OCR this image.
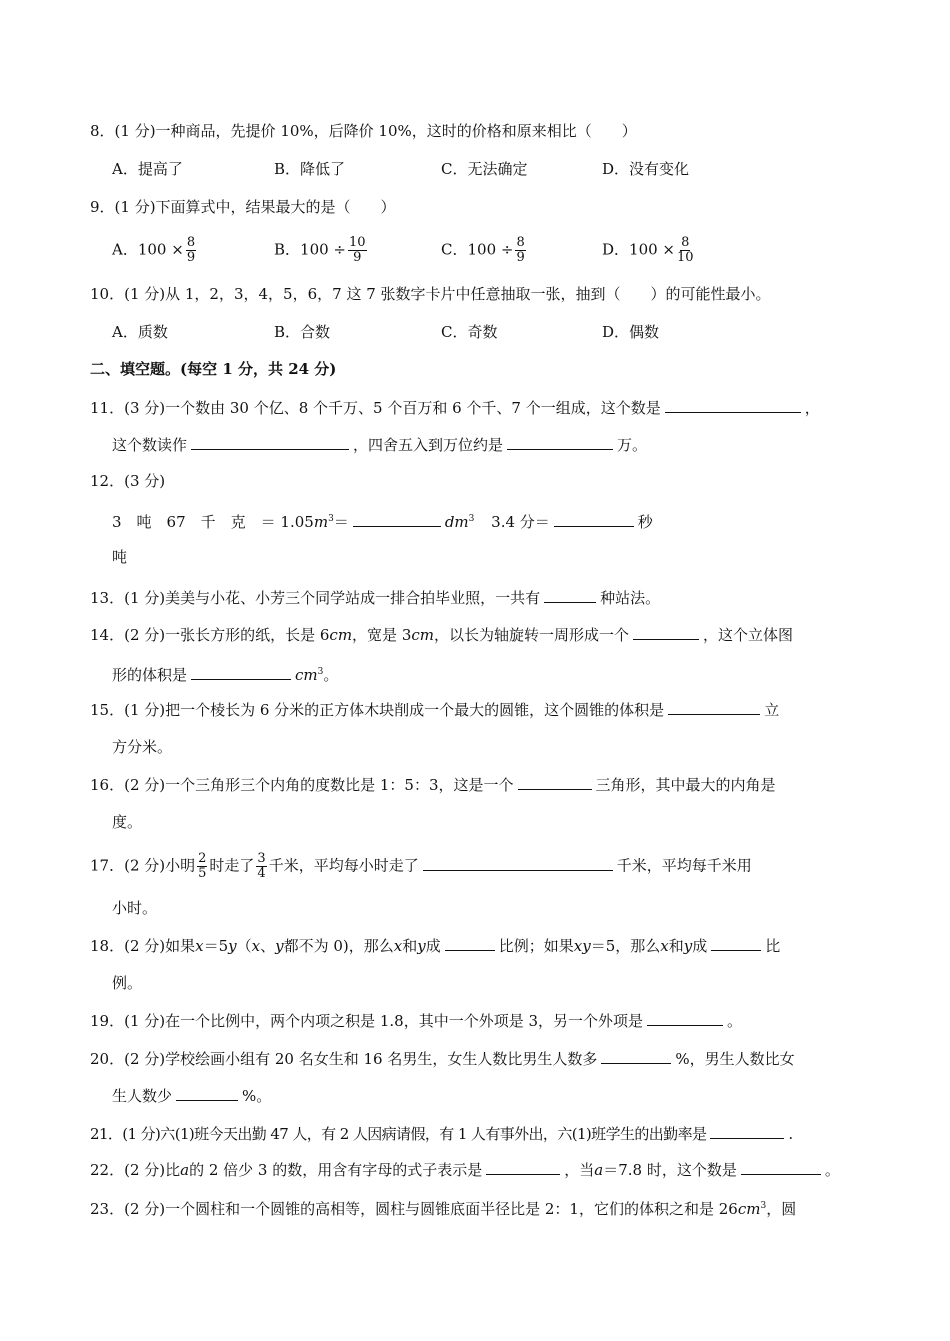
8．(1 分)一种商品，先提价 10%，后降价 10%，这时的价格和原来相比（　　）
A．提高了	B．降低了	C．无法确定	D．没有变化
9．(1 分)下面算式中，结果最大的是（　　）
A．$100 \times \frac{8}{9}$	B．$100 \div \frac{10}{9}$	C．$100 \div \frac{8}{9}$	D．$100 \times \frac{8}{10}$
10．(1 分)从 1，2，3，4，5，6，7 这 7 张数字卡片中任意抽取一张，抽到（　　）的可能性最小。
A．质数	B．合数	C．奇数	D．偶数
二、填空题。(每空 1 分，共 24 分)
11．(3 分)一个数由 30 个亿、8 个千万、5 个百万和 6 个千、7 个一组成，这个数是	，
这个数读作	，四舍五入到万位约是	万。
12．(3 分)
3　吨　67　千　克　＝ $1.05m^3=$	$dm^3$ 3.4 分＝	秒
吨
13．(1 分)美美与小花、小芳三个同学站成一排合拍毕业照，一共有	种站法。
14．(2 分)一张长方形的纸，长是 6cm，宽是 3cm，以长为轴旋转一周形成一个	，这个立体图
形的体积是	$cm^3$。
15．(1 分)把一个棱长为 6 分米的正方体木块削成一个最大的圆锥，这个圆锥的体积是	立
方分米。
16．(2 分)一个三角形三个内角的度数比是 1：5：3，这是一个	三角形，其中最大的内角是
度。
17．(2 分)小明 $\frac{2}{5}$ 时走了 $\frac{3}{4}$ 千米，平均每小时走了	千米，平均每千米用
小时。
18．(2 分)如果x＝5y（x、y都不为 0)，那么x和y成	比例；如果xy＝5，那么x和y成	比
例。
19．(1 分)在一个比例中，两个内项之积是 1.8，其中一个外项是 3，另一个外项是	。
20．(2 分)学校绘画小组有 20 名女生和 16 名男生，女生人数比男生人数多	%，男生人数比女
生人数少	%。
21．(1 分)六(1)班今天出勤 47 人，有 2 人因病请假，有 1 人有事外出，六(1)班学生的出勤率是	.
22．(2 分)比a的 2 倍少 3 的数，用含有字母的式子表示是	，当a＝7.8 时，这个数是	。
23．(2 分)一个圆柱和一个圆锥的高相等，圆柱与圆锥底面半径比是 2：1，它们的体积之和是 $26cm^3$，圆
